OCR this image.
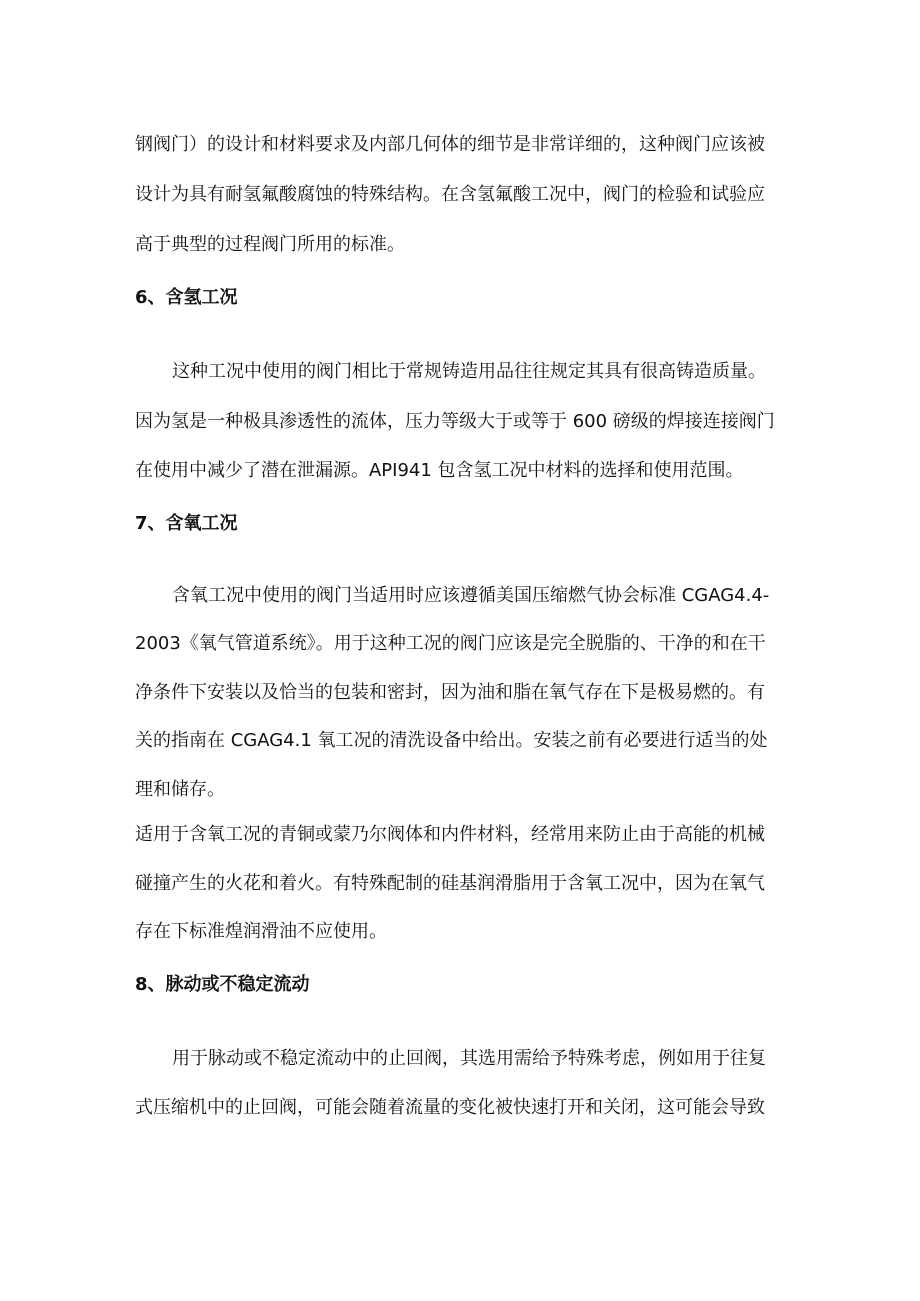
钢阀门）的设计和材料要求及内部几何体的细节是非常详细的，这种阀门应该被
设计为具有耐氢氟酸腐蚀的特殊结构。在含氢氟酸工况中，阀门的检验和试验应
高于典型的过程阀门所用的标准。
6、含氢工况
这种工况中使用的阀门相比于常规铸造用品往往规定其具有很高铸造质量。
因为氢是一种极具渗透性的流体，压力等级大于或等于 600 磅级的焊接连接阀门
在使用中减少了潜在泄漏源。API941 包含氢工况中材料的选择和使用范围。
7、含氧工况
含氧工况中使用的阀门当适用时应该遵循美国压缩燃气协会标准 CGAG4.4-
2003《氧气管道系统》。用于这种工况的阀门应该是完全脱脂的、干净的和在干
净条件下安装以及恰当的包装和密封，因为油和脂在氧气存在下是极易燃的。有
关的指南在 CGAG4.1 氧工况的清洗设备中给出。安装之前有必要进行适当的处
理和储存。
适用于含氧工况的青铜或蒙乃尔阀体和内件材料，经常用来防止由于高能的机械
碰撞产生的火花和着火。有特殊配制的硅基润滑脂用于含氧工况中，因为在氧气
存在下标准煌润滑油不应使用。
8、脉动或不稳定流动
用于脉动或不稳定流动中的止回阀，其选用需给予特殊考虑，例如用于往复
式压缩机中的止回阀，可能会随着流量的变化被快速打开和关闭，这可能会导致
